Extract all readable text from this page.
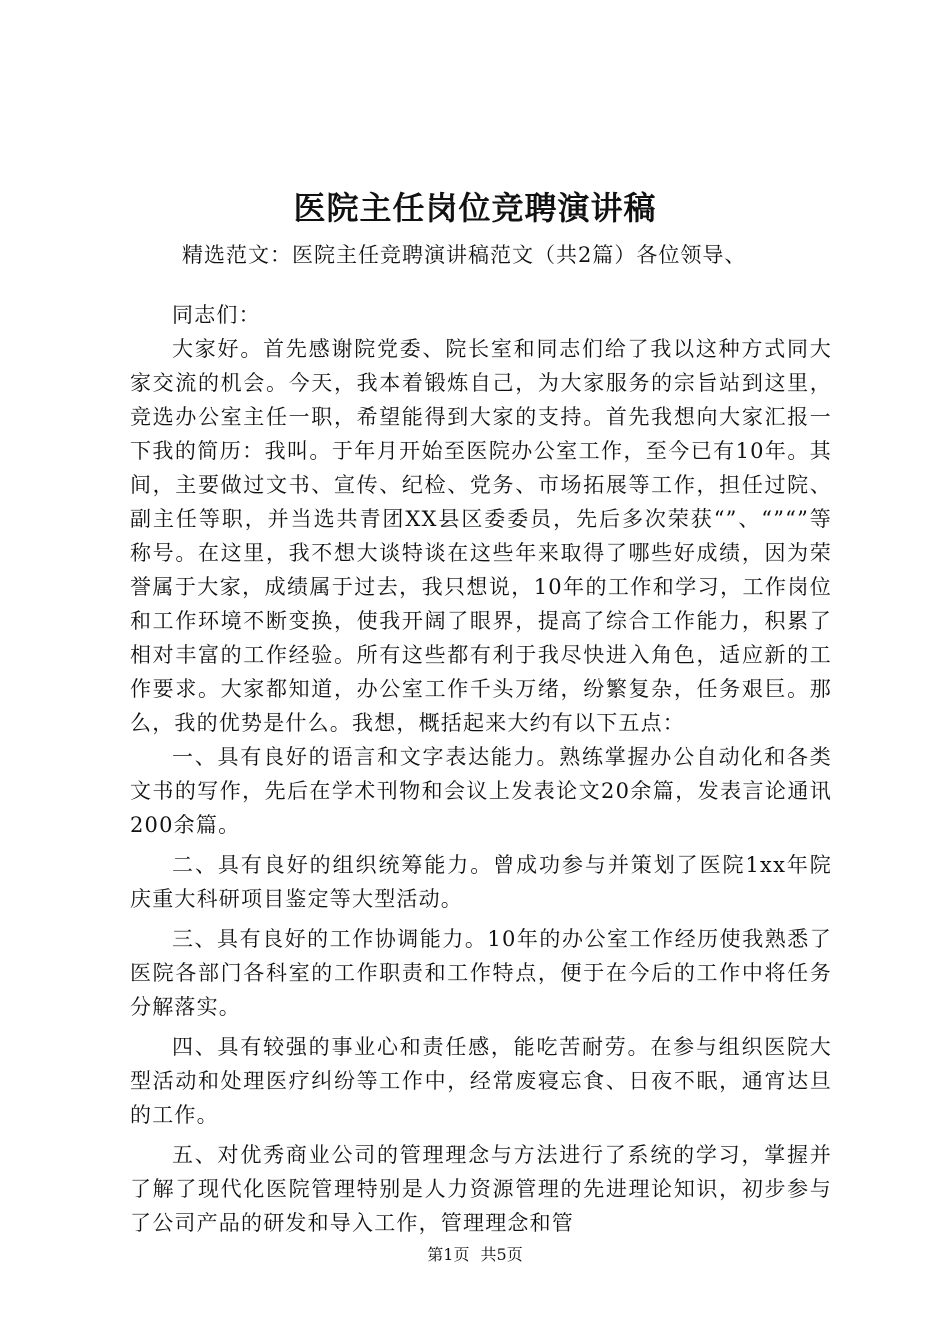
医院主任岗位竞聘演讲稿
精选范文：医院主任竞聘演讲稿范文（共2篇）各位领导、

同志们：

大家好。首先感谢院党委、院长室和同志们给了我以这种方式同大家交流的机会。今天，我本着锻炼自己，为大家服务的宗旨站到这里，竞选办公室主任一职，希望能得到大家的支持。首先我想向大家汇报一下我的简历：我叫。于年月开始至医院办公室工作，至今已有10年。其间，主要做过文书、宣传、纪检、党务、市场拓展等工作，担任过院、副主任等职，并当选共青团XX县区委委员，先后多次荣获“”、“”“”等称号。在这里，我不想大谈特谈在这些年来取得了哪些好成绩，因为荣誉属于大家，成绩属于过去，我只想说，10年的工作和学习，工作岗位和工作环境不断变换，使我开阔了眼界，提高了综合工作能力，积累了相对丰富的工作经验。所有这些都有利于我尽快进入角色，适应新的工作要求。大家都知道，办公室工作千头万绪，纷繁复杂，任务艰巨。那么，我的优势是什么。我想，概括起来大约有以下五点：

一、具有良好的语言和文字表达能力。熟练掌握办公自动化和各类文书的写作，先后在学术刊物和会议上发表论文20余篇，发表言论通讯200余篇。

二、具有良好的组织统筹能力。曾成功参与并策划了医院1xx年院庆重大科研项目鉴定等大型活动。

三、具有良好的工作协调能力。10年的办公室工作经历使我熟悉了医院各部门各科室的工作职责和工作特点，便于在今后的工作中将任务分解落实。

四、具有较强的事业心和责任感，能吃苦耐劳。在参与组织医院大型活动和处理医疗纠纷等工作中，经常废寝忘食、日夜不眠，通宵达旦的工作。

五、对优秀商业公司的管理理念与方法进行了系统的学习，掌握并了解了现代化医院管理特别是人力资源管理的先进理论知识，初步参与了公司产品的研发和导入工作，管理理念和管

第1页 共5页
